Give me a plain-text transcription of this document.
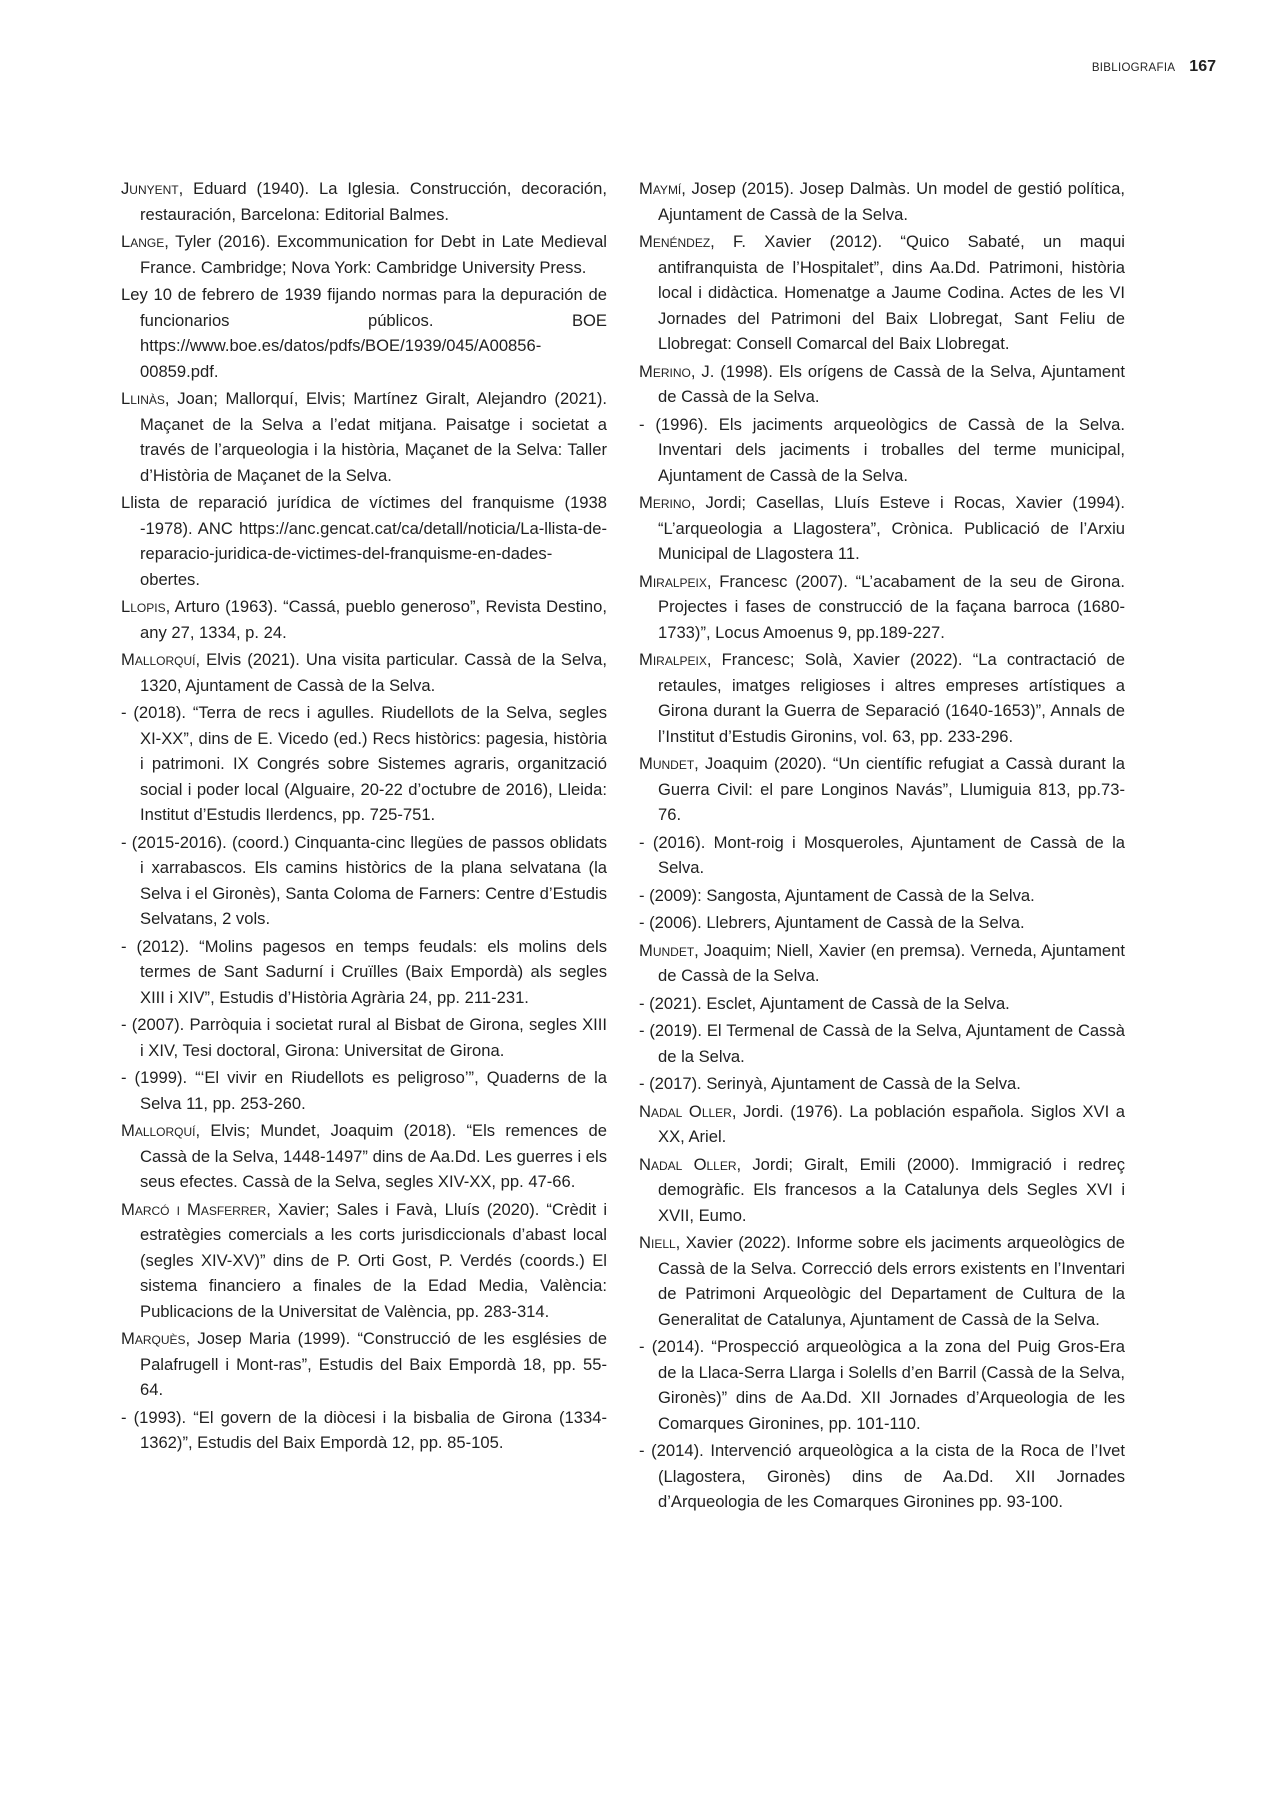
BIBLIOGRAFIA 167

Junyent, Eduard (1940). La Iglesia. Construcción, decoración, restauración, Barcelona: Editorial Balmes.

Lange, Tyler (2016). Excommunication for Debt in Late Medieval France. Cambridge; Nova York: Cambridge University Press.

Ley 10 de febrero de 1939 fijando normas para la depuración de funcionarios públicos. BOE https://www.boe.es/datos/pdfs/BOE/1939/045/A00856-00859.pdf.

Llinàs, Joan; Mallorquí, Elvis; Martínez Giralt, Alejandro (2021). Maçanet de la Selva a l’edat mitjana. Paisatge i societat a través de l’arqueologia i la història, Maçanet de la Selva: Taller d’Història de Maçanet de la Selva.

Llista de reparació jurídica de víctimes del franquisme (1938 -1978). ANC https://anc.gencat.cat/ca/detall/noticia/La-llista-de-reparacio-juridica-de-victimes-del-franquisme-en-dades-obertes.

Llopis, Arturo (1963). “Cassá, pueblo generoso”, Revista Destino, any 27, 1334, p. 24.

Mallorquí, Elvis (2021). Una visita particular. Cassà de la Selva, 1320, Ajuntament de Cassà de la Selva.

- (2018). “Terra de recs i agulles. Riudellots de la Selva, segles XI-XX”, dins de E. Vicedo (ed.) Recs històrics: pagesia, història i patrimoni. IX Congrés sobre Sistemes agraris, organització social i poder local (Alguaire, 20-22 d’octubre de 2016), Lleida: Institut d’Estudis Ilerdencs, pp. 725-751.

- (2015-2016). (coord.) Cinquanta-cinc llegües de passos oblidats i xarrabascos. Els camins històrics de la plana selvatana (la Selva i el Gironès), Santa Coloma de Farners: Centre d’Estudis Selvatans, 2 vols.

- (2012). “Molins pagesos en temps feudals: els molins dels termes de Sant Sadurní i Cruïlles (Baix Empordà) als segles XIII i XIV”, Estudis d’Història Agrària 24, pp. 211-231.

- (2007). Parròquia i societat rural al Bisbat de Girona, segles XIII i XIV, Tesi doctoral, Girona: Universitat de Girona.

- (1999). “‘El vivir en Riudellots es peligroso’”, Quaderns de la Selva 11, pp. 253-260.

Mallorquí, Elvis; Mundet, Joaquim (2018). “Els remences de Cassà de la Selva, 1448-1497” dins de Aa.Dd. Les guerres i els seus efectes. Cassà de la Selva, segles XIV-XX, pp. 47-66.

Marcó i Masferrer, Xavier; Sales i Favà, Lluís (2020). “Crèdit i estratègies comercials a les corts jurisdiccionals d’abast local (segles XIV-XV)” dins de P. Orti Gost, P. Verdés (coords.) El sistema financiero a finales de la Edad Media, València: Publicacions de la Universitat de València, pp. 283-314.

Marquès, Josep Maria (1999). “Construcció de les esglésies de Palafrugell i Mont-ras”, Estudis del Baix Empordà 18, pp. 55-64.

- (1993). “El govern de la diòcesi i la bisbalia de Girona (1334-1362)”, Estudis del Baix Empordà 12, pp. 85-105.

Maymí, Josep (2015). Josep Dalmàs. Un model de gestió política, Ajuntament de Cassà de la Selva.

Menéndez, F. Xavier (2012). “Quico Sabaté, un maqui antifranquista de l’Hospitalet”, dins Aa.Dd. Patrimoni, història local i didàctica. Homenatge a Jaume Codina. Actes de les VI Jornades del Patrimoni del Baix Llobregat, Sant Feliu de Llobregat: Consell Comarcal del Baix Llobregat.

Merino, J. (1998). Els orígens de Cassà de la Selva, Ajuntament de Cassà de la Selva.

- (1996). Els jaciments arqueològics de Cassà de la Selva. Inventari dels jaciments i troballes del terme municipal, Ajuntament de Cassà de la Selva.

Merino, Jordi; Casellas, Lluís Esteve i Rocas, Xavier (1994). “L’arqueologia a Llagostera”, Crònica. Publicació de l’Arxiu Municipal de Llagostera 11.

Miralpeix, Francesc (2007). “L’acabament de la seu de Girona. Projectes i fases de construcció de la façana barroca (1680-1733)”, Locus Amoenus 9, pp.189-227.

Miralpeix, Francesc; Solà, Xavier (2022). “La contractació de retaules, imatges religioses i altres empreses artístiques a Girona durant la Guerra de Separació (1640-1653)”, Annals de l’Institut d’Estudis Gironins, vol. 63, pp. 233-296.

Mundet, Joaquim (2020). “Un científic refugiat a Cassà durant la Guerra Civil: el pare Longinos Navás”, Llumiguia 813, pp.73-76.

- (2016). Mont-roig i Mosqueroles, Ajuntament de Cassà de la Selva.

- (2009): Sangosta, Ajuntament de Cassà de la Selva.

- (2006). Llebrers, Ajuntament de Cassà de la Selva.

Mundet, Joaquim; Niell, Xavier (en premsa). Verneda, Ajuntament de Cassà de la Selva.

- (2021). Esclet, Ajuntament de Cassà de la Selva.

- (2019). El Termenal de Cassà de la Selva, Ajuntament de Cassà de la Selva.

- (2017). Serinyà, Ajuntament de Cassà de la Selva.

Nadal Oller, Jordi. (1976). La población española. Siglos XVI a XX, Ariel.

Nadal Oller, Jordi; Giralt, Emili (2000). Immigració i redreç demogràfic. Els francesos a la Catalunya dels Segles XVI i XVII, Eumo.

Niell, Xavier (2022). Informe sobre els jaciments arqueològics de Cassà de la Selva. Correcció dels errors existents en l’Inventari de Patrimoni Arqueològic del Departament de Cultura de la Generalitat de Catalunya, Ajuntament de Cassà de la Selva.

- (2014). “Prospecció arqueològica a la zona del Puig Gros-Era de la Llaca-Serra Llarga i Solells d’en Barril (Cassà de la Selva, Gironès)” dins de Aa.Dd. XII Jornades d’Arqueologia de les Comarques Gironines, pp. 101-110.

- (2014). Intervenció arqueològica a la cista de la Roca de l’Ivet (Llagostera, Gironès) dins de Aa.Dd. XII Jornades d’Arqueologia de les Comarques Gironines pp. 93-100.
